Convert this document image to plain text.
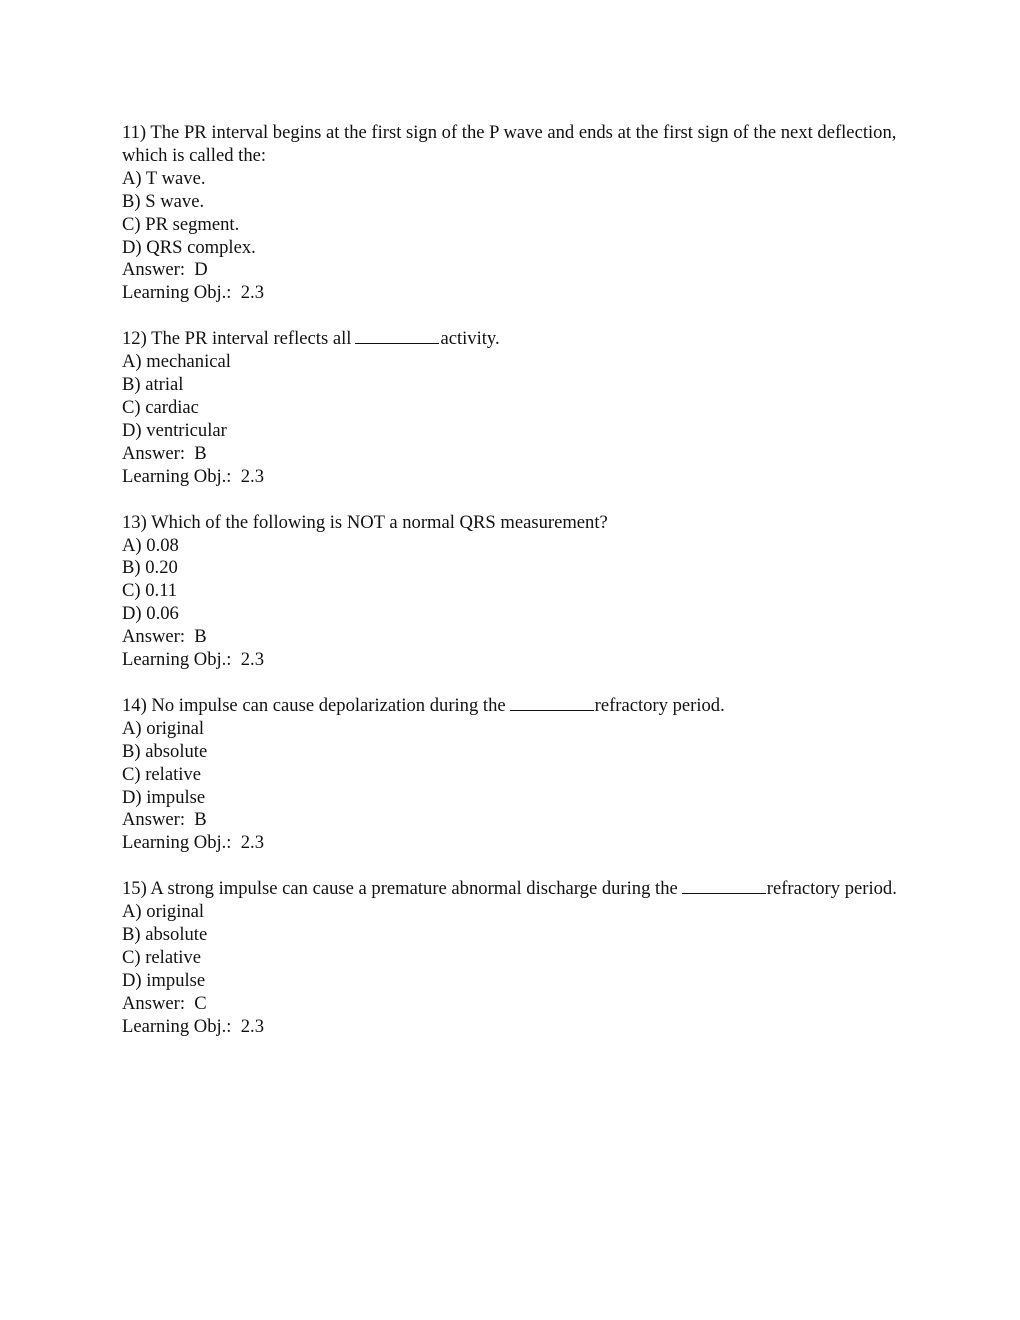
11) The PR interval begins at the first sign of the P wave and ends at the first sign of the next deflection, which is called the:
A) T wave.
B) S wave.
C) PR segment.
D) QRS complex.
Answer:  D
Learning Obj.:  2.3
12) The PR interval reflects all	activity.
A) mechanical
B) atrial
C) cardiac
D) ventricular
Answer:  B
Learning Obj.:  2.3
13) Which of the following is NOT a normal QRS measurement?
A) 0.08
B) 0.20
C) 0.11
D) 0.06
Answer:  B
Learning Obj.:  2.3
14) No impulse can cause depolarization during the	refractory period.
A) original
B) absolute
C) relative
D) impulse
Answer:  B
Learning Obj.:  2.3
15) A strong impulse can cause a premature abnormal discharge during the	refractory period.
A) original
B) absolute
C) relative
D) impulse
Answer:  C
Learning Obj.:  2.3
